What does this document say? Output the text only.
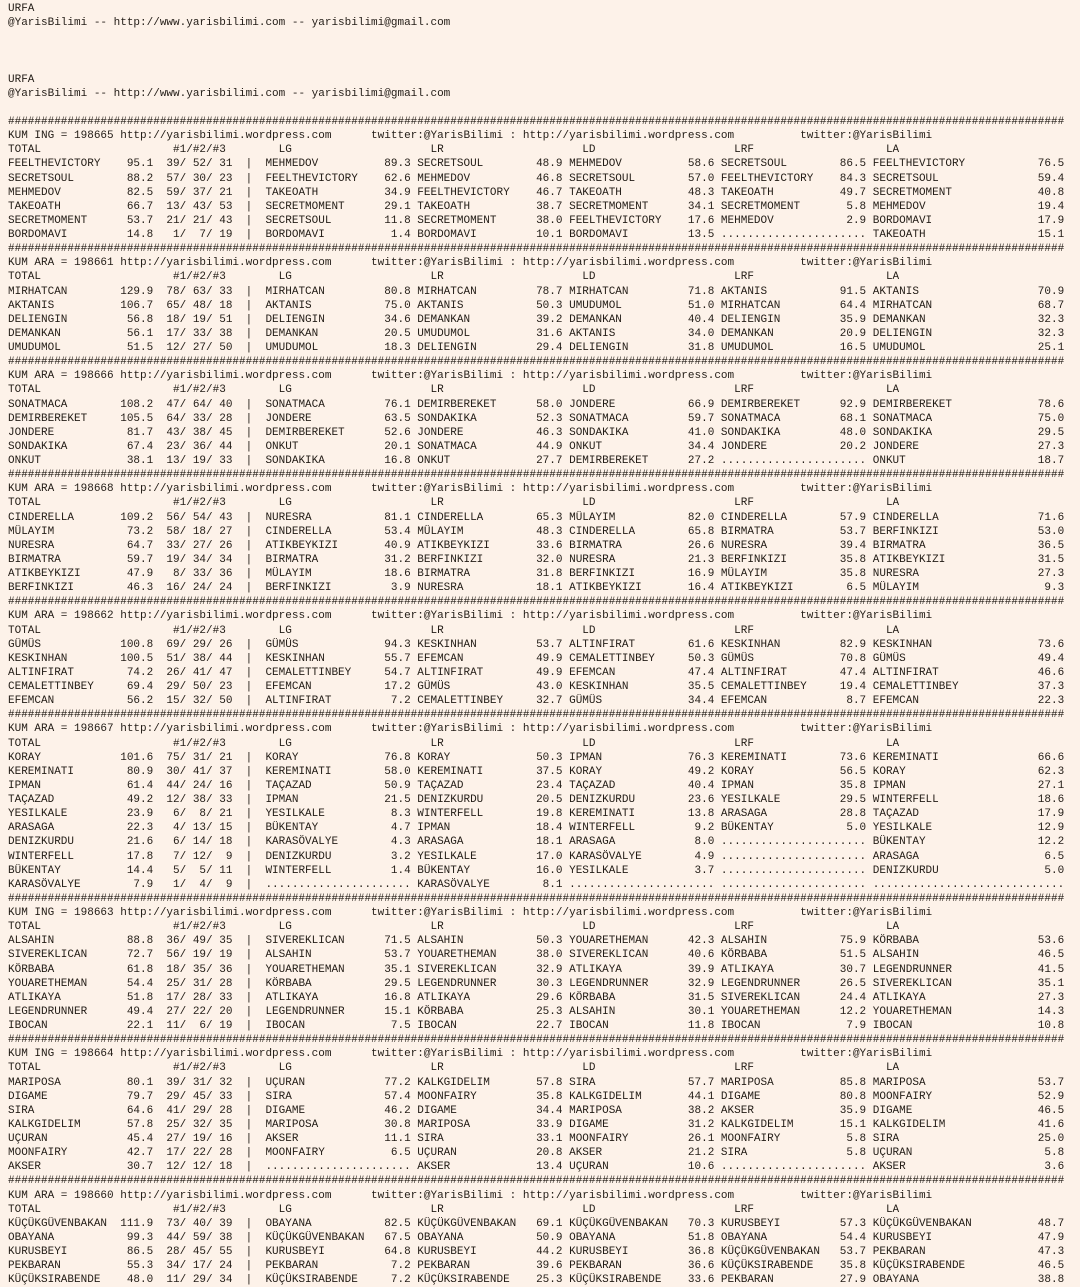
URFA
@YarisBilimi -- http://www.yarisbilimi.com -- yarisbilimi@gmail.com

URFA
@YarisBilimi -- http://www.yarisbilimi.com -- yarisbilimi@gmail.com

################################################################################################################################################################
KUM ING = 198665 http://yarisbilimi.wordpress.com      twitter:@YarisBilimi : http://yarisbilimi.wordpress.com          twitter:@YarisBilimi
TOTAL                    #1/#2/#3        LG                     LR                     LD                     LRF                    LA
FEELTHEVICTORY    95.1  39/ 52/ 31  |  MEHMEDOV          89.3 SECRETSOUL        48.9 MEHMEDOV          58.6 SECRETSOUL        86.5 FEELTHEVICTORY           76.5
SECRETSOUL        88.2  57/ 30/ 23  |  FEELTHEVICTORY    62.6 MEHMEDOV          46.8 SECRETSOUL        57.0 FEELTHEVICTORY    84.3 SECRETSOUL               59.4
MEHMEDOV          82.5  59/ 37/ 21  |  TAKEOATH          34.9 FEELTHEVICTORY    46.7 TAKEOATH          48.3 TAKEOATH          49.7 SECRETMOMENT             40.8
TAKEOATH          66.7  13/ 43/ 53  |  SECRETMOMENT      29.1 TAKEOATH          38.7 SECRETMOMENT      34.1 SECRETMOMENT       5.8 MEHMEDOV                 19.4
SECRETMOMENT      53.7  21/ 21/ 43  |  SECRETSOUL        11.8 SECRETMOMENT      38.0 FEELTHEVICTORY    17.6 MEHMEDOV           2.9 BORDOMAVI                17.9
BORDOMAVI         14.8   1/  7/ 19  |  BORDOMAVI          1.4 BORDOMAVI         10.1 BORDOMAVI         13.5 ...................... TAKEOATH                 15.1
################################################################################################################################################################
KUM ARA = 198661 http://yarisbilimi.wordpress.com      twitter:@YarisBilimi : http://yarisbilimi.wordpress.com          twitter:@YarisBilimi
TOTAL                    #1/#2/#3        LG                     LR                     LD                     LRF                    LA
MIRHATCAN        129.9  78/ 63/ 33  |  MIRHATCAN         80.8 MIRHATCAN         78.7 MIRHATCAN         71.8 AKTANIS           91.5 AKTANIS                  70.9
AKTANIS          106.7  65/ 48/ 18  |  AKTANIS           75.0 AKTANIS           50.3 UMUDUMOL          51.0 MIRHATCAN         64.4 MIRHATCAN                68.7
DELIENGIN         56.8  18/ 19/ 51  |  DELIENGIN         34.6 DEMANKAN          39.2 DEMANKAN          40.4 DELIENGIN         35.9 DEMANKAN                 32.3
DEMANKAN          56.1  17/ 33/ 38  |  DEMANKAN          20.5 UMUDUMOL          31.6 AKTANIS           34.0 DEMANKAN          20.9 DELIENGIN                32.3
UMUDUMOL          51.5  12/ 27/ 50  |  UMUDUMOL          18.3 DELIENGIN         29.4 DELIENGIN         31.8 UMUDUMOL          16.5 UMUDUMOL                 25.1
################################################################################################################################################################
KUM ARA = 198666 http://yarisbilimi.wordpress.com      twitter:@YarisBilimi : http://yarisbilimi.wordpress.com          twitter:@YarisBilimi
TOTAL                    #1/#2/#3        LG                     LR                     LD                     LRF                    LA
SONATMACA        108.2  47/ 64/ 40  |  SONATMACA         76.1 DEMIRBEREKET      58.0 JONDERE           66.9 DEMIRBEREKET      92.9 DEMIRBEREKET             78.6
DEMIRBEREKET     105.5  64/ 33/ 28  |  JONDERE           63.5 SONDAKIKA         52.3 SONATMACA         59.7 SONATMACA         68.1 SONATMACA                75.0
JONDERE           81.7  43/ 38/ 45  |  DEMIRBEREKET      52.6 JONDERE           46.3 SONDAKIKA         41.0 SONDAKIKA         48.0 SONDAKIKA                29.5
SONDAKIKA         67.4  23/ 36/ 44  |  ONKUT             20.1 SONATMACA         44.9 ONKUT             34.4 JONDERE           20.2 JONDERE                  27.3
ONKUT             38.1  13/ 19/ 33  |  SONDAKIKA         16.8 ONKUT             27.7 DEMIRBEREKET      27.2 ...................... ONKUT                    18.7
################################################################################################################################################################
KUM ARA = 198668 http://yarisbilimi.wordpress.com      twitter:@YarisBilimi : http://yarisbilimi.wordpress.com          twitter:@YarisBilimi
TOTAL                    #1/#2/#3        LG                     LR                     LD                     LRF                    LA
CINDERELLA       109.2  56/ 54/ 43  |  NURESRA           81.1 CINDERELLA        65.3 MÜLAYIM           82.0 CINDERELLA        57.9 CINDERELLA               71.6
MÜLAYIM           73.2  58/ 18/ 27  |  CINDERELLA        53.4 MÜLAYIM           48.3 CINDERELLA        65.8 BIRMATRA          53.7 BERFINKIZI               53.0
NURESRA           64.7  33/ 27/ 26  |  ATIKBEYKIZI       40.9 ATIKBEYKIZI       33.6 BIRMATRA          26.6 NURESRA           39.4 BIRMATRA                 36.5
BIRMATRA          59.7  19/ 34/ 34  |  BIRMATRA          31.2 BERFINKIZI        32.0 NURESRA           21.3 BERFINKIZI        35.8 ATIKBEYKIZI              31.5
ATIKBEYKIZI       47.9   8/ 33/ 36  |  MÜLAYIM           18.6 BIRMATRA          31.8 BERFINKIZI        16.9 MÜLAYIM           35.8 NURESRA                  27.3
BERFINKIZI        46.3  16/ 24/ 24  |  BERFINKIZI         3.9 NURESRA           18.1 ATIKBEYKIZI       16.4 ATIKBEYKIZI        6.5 MÜLAYIM                   9.3
################################################################################################################################################################
KUM ARA = 198662 http://yarisbilimi.wordpress.com      twitter:@YarisBilimi : http://yarisbilimi.wordpress.com          twitter:@YarisBilimi
TOTAL                    #1/#2/#3        LG                     LR                     LD                     LRF                    LA
GÜMÜS            100.8  69/ 29/ 26  |  GÜMÜS             94.3 KESKINHAN         53.7 ALTINFIRAT        61.6 KESKINHAN         82.9 KESKINHAN                73.6
KESKINHAN        100.5  51/ 38/ 44  |  KESKINHAN         55.7 EFEMCAN           49.9 CEMALETTINBEY     50.3 GÜMÜS             70.8 GÜMÜS                    49.4
ALTINFIRAT        74.2  26/ 41/ 47  |  CEMALETTINBEY     54.7 ALTINFIRAT        49.9 EFEMCAN           47.4 ALTINFIRAT        47.4 ALTINFIRAT               46.6
CEMALETTINBEY     69.4  29/ 50/ 23  |  EFEMCAN           17.2 GÜMÜS             43.0 KESKINHAN         35.5 CEMALETTINBEY     19.4 CEMALETTINBEY            37.3
EFEMCAN           56.2  15/ 32/ 50  |  ALTINFIRAT         7.2 CEMALETTINBEY     32.7 GÜMÜS             34.4 EFEMCAN            8.7 EFEMCAN                  22.3
################################################################################################################################################################
KUM ARA = 198667 http://yarisbilimi.wordpress.com      twitter:@YarisBilimi : http://yarisbilimi.wordpress.com          twitter:@YarisBilimi
TOTAL                    #1/#2/#3        LG                     LR                     LD                     LRF                    LA
KORAY            101.6  75/ 31/ 21  |  KORAY             76.8 KORAY             50.3 IPMAN             76.3 KEREMINATI        73.6 KEREMINATI               66.6
KEREMINATI        80.9  30/ 41/ 37  |  KEREMINATI        58.0 KEREMINATI        37.5 KORAY             49.2 KORAY             56.5 KORAY                    62.3
IPMAN             61.4  44/ 24/ 16  |  TAÇAZAD           50.9 TAÇAZAD           23.4 TAÇAZAD           40.4 IPMAN             35.8 IPMAN                    27.1
TAÇAZAD           49.2  12/ 38/ 33  |  IPMAN             21.5 DENIZKURDU        20.5 DENIZKURDU        23.6 YESILKALE         29.5 WINTERFELL               18.6
YESILKALE         23.9   6/  8/ 21  |  YESILKALE          8.3 WINTERFELL        19.8 KEREMINATI        13.8 ARASAGA           28.8 TAÇAZAD                  17.9
ARASAGA           22.3   4/ 13/ 15  |  BÜKENTAY           4.7 IPMAN             18.4 WINTERFELL         9.2 BÜKENTAY           5.0 YESILKALE                12.9
DENIZKURDU        21.6   6/ 14/ 18  |  KARASÖVALYE        4.3 ARASAGA           18.1 ARASAGA            8.0 ...................... BÜKENTAY                 12.2
WINTERFELL        17.8   7/ 12/  9  |  DENIZKURDU         3.2 YESILKALE         17.0 KARASÖVALYE        4.9 ...................... ARASAGA                   6.5
BÜKENTAY          14.4   5/  5/ 11  |  WINTERFELL         1.4 BÜKENTAY          16.0 YESILKALE          3.7 ...................... DENIZKURDU                5.0
KARASÖVALYE        7.9   1/  4/  9  |  ...................... KARASÖVALYE        8.1 ...................... ...................... .............................
################################################################################################################################################################
KUM ING = 198663 http://yarisbilimi.wordpress.com      twitter:@YarisBilimi : http://yarisbilimi.wordpress.com          twitter:@YarisBilimi
TOTAL                    #1/#2/#3        LG                     LR                     LD                     LRF                    LA
ALSAHIN           88.8  36/ 49/ 35  |  SIVEREKLICAN      71.5 ALSAHIN           50.3 YOUARETHEMAN      42.3 ALSAHIN           75.9 KÖRBABA                  53.6
SIVEREKLICAN      72.7  56/ 19/ 19  |  ALSAHIN           53.7 YOUARETHEMAN      38.0 SIVEREKLICAN      40.6 KÖRBABA           51.5 ALSAHIN                  46.5
KÖRBABA           61.8  18/ 35/ 36  |  YOUARETHEMAN      35.1 SIVEREKLICAN      32.9 ATLIKAYA          39.9 ATLIKAYA          30.7 LEGENDRUNNER             41.5
YOUARETHEMAN      54.4  25/ 31/ 28  |  KÖRBABA           29.5 LEGENDRUNNER      30.3 LEGENDRUNNER      32.9 LEGENDRUNNER      26.5 SIVEREKLICAN             35.1
ATLIKAYA          51.8  17/ 28/ 33  |  ATLIKAYA          16.8 ATLIKAYA          29.6 KÖRBABA           31.5 SIVEREKLICAN      24.4 ATLIKAYA                 27.3
LEGENDRUNNER      49.4  27/ 22/ 20  |  LEGENDRUNNER      15.1 KÖRBABA           25.3 ALSAHIN           30.1 YOUARETHEMAN      12.2 YOUARETHEMAN             14.3
IBOCAN            22.1  11/  6/ 19  |  IBOCAN             7.5 IBOCAN            22.7 IBOCAN            11.8 IBOCAN             7.9 IBOCAN                   10.8
################################################################################################################################################################
KUM ING = 198664 http://yarisbilimi.wordpress.com      twitter:@YarisBilimi : http://yarisbilimi.wordpress.com          twitter:@YarisBilimi
TOTAL                    #1/#2/#3        LG                     LR                     LD                     LRF                    LA
MARIPOSA          80.1  39/ 31/ 32  |  UÇURAN            77.2 KALKGIDELIM       57.8 SIRA              57.7 MARIPOSA          85.8 MARIPOSA                 53.7
DIGAME            79.7  29/ 45/ 33  |  SIRA              57.4 MOONFAIRY         35.8 KALKGIDELIM       44.1 DIGAME            80.8 MOONFAIRY                52.9
SIRA              64.6  41/ 29/ 28  |  DIGAME            46.2 DIGAME            34.4 MARIPOSA          38.2 AKSER             35.9 DIGAME                   46.5
KALKGIDELIM       57.8  25/ 32/ 35  |  MARIPOSA          30.8 MARIPOSA          33.9 DIGAME            31.2 KALKGIDELIM       15.1 KALKGIDELIM              41.6
UÇURAN            45.4  27/ 19/ 16  |  AKSER             11.1 SIRA              33.1 MOONFAIRY         26.1 MOONFAIRY          5.8 SIRA                     25.0
MOONFAIRY         42.7  17/ 22/ 28  |  MOONFAIRY          6.5 UÇURAN            20.8 AKSER             21.2 SIRA               5.8 UÇURAN                    5.8
AKSER             30.7  12/ 12/ 18  |  ...................... AKSER             13.4 UÇURAN            10.6 ...................... AKSER                     3.6
################################################################################################################################################################
KUM ARA = 198660 http://yarisbilimi.wordpress.com      twitter:@YarisBilimi : http://yarisbilimi.wordpress.com          twitter:@YarisBilimi
TOTAL                    #1/#2/#3        LG                     LR                     LD                     LRF                    LA
KÜÇÜKGÜVENBAKAN  111.9  73/ 40/ 39  |  OBAYANA           82.5 KÜÇÜKGÜVENBAKAN   69.1 KÜÇÜKGÜVENBAKAN   70.3 KURUSBEYI         57.3 KÜÇÜKGÜVENBAKAN          48.7
OBAYANA           99.3  44/ 59/ 38  |  KÜÇÜKGÜVENBAKAN   67.5 OBAYANA           50.9 OBAYANA           51.8 OBAYANA           54.4 KURUSBEYI                47.9
KURUSBEYI         86.5  28/ 45/ 55  |  KURUSBEYI         64.8 KURUSBEYI         44.2 KURUSBEYI         36.8 KÜÇÜKGÜVENBAKAN   53.7 PEKBARAN                 47.3
PEKBARAN          55.3  34/ 17/ 24  |  PEKBARAN           7.2 PEKBARAN          39.6 PEKBARAN          36.6 KÜÇÜKSIRABENDE    35.8 KÜÇÜKSIRABENDE           46.5
KÜÇÜKSIRABENDE    48.0  11/ 29/ 34  |  KÜÇÜKSIRABENDE     7.2 KÜÇÜKSIRABENDE    25.3 KÜÇÜKSIRABENDE    33.6 PEKBARAN          27.9 OBAYANA                  38.8
